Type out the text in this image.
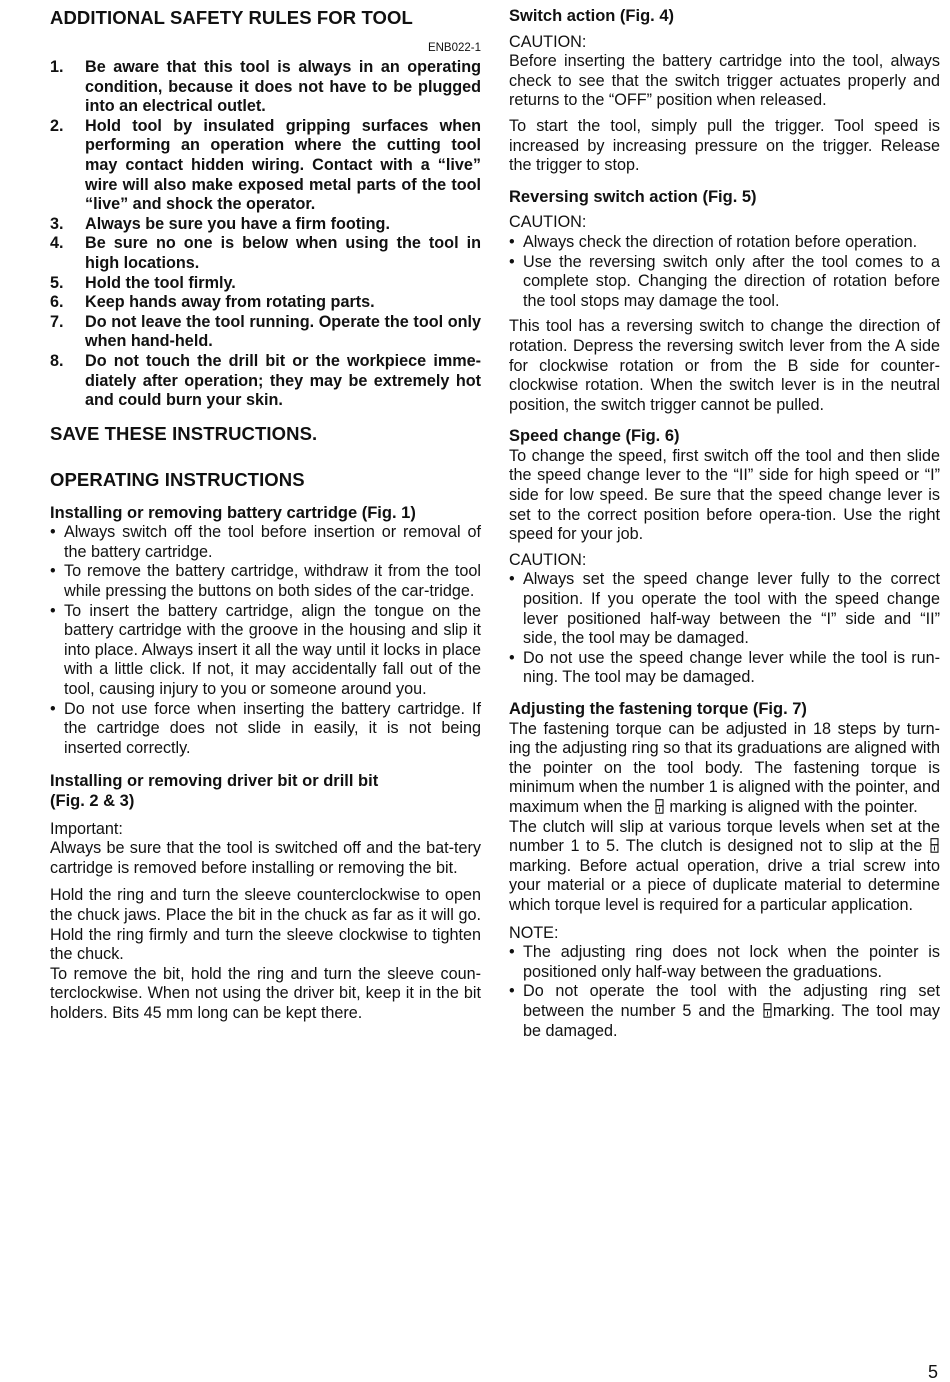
ADDITIONAL SAFETY RULES FOR TOOL
ENB022-1
1. Be aware that this tool is always in an operating condition, because it does not have to be plugged into an electrical outlet.
2. Hold tool by insulated gripping surfaces when performing an operation where the cutting tool may contact hidden wiring. Contact with a “live” wire will also make exposed metal parts of the tool “live” and shock the operator.
3. Always be sure you have a firm footing.
4. Be sure no one is below when using the tool in high locations.
5. Hold the tool firmly.
6. Keep hands away from rotating parts.
7. Do not leave the tool running. Operate the tool only when hand-held.
8. Do not touch the drill bit or the workpiece imme-diately after operation; they may be extremely hot and could burn your skin.
SAVE THESE INSTRUCTIONS.
OPERATING INSTRUCTIONS
Installing or removing battery cartridge (Fig. 1)
• Always switch off the tool before insertion or removal of the battery cartridge.
• To remove the battery cartridge, withdraw it from the tool while pressing the buttons on both sides of the car-tridge.
• To insert the battery cartridge, align the tongue on the battery cartridge with the groove in the housing and slip it into place. Always insert it all the way until it locks in place with a little click. If not, it may accidentally fall out of the tool, causing injury to you or someone around you.
• Do not use force when inserting the battery cartridge. If the cartridge does not slide in easily, it is not being inserted correctly.
Installing or removing driver bit or drill bit
(Fig. 2 & 3)

Important:

Always be sure that the tool is switched off and the bat-tery cartridge is removed before installing or removing the bit.

Hold the ring and turn the sleeve counterclockwise to open the chuck jaws. Place the bit in the chuck as far as it will go. Hold the ring firmly and turn the sleeve clockwise to tighten the chuck.

To remove the bit, hold the ring and turn the sleeve coun-terclockwise. When not using the driver bit, keep it in the bit holders. Bits 45 mm long can be kept there.

Switch action (Fig. 4)

CAUTION:

Before inserting the battery cartridge into the tool, always check to see that the switch trigger actuates properly and returns to the “OFF” position when released.

To start the tool, simply pull the trigger. Tool speed is increased by increasing pressure on the trigger. Release the trigger to stop.

Reversing switch action (Fig. 5)

CAUTION:

• Always check the direction of rotation before operation.
• Use the reversing switch only after the tool comes to a complete stop. Changing the direction of rotation before the tool stops may damage the tool.

This tool has a reversing switch to change the direction of rotation. Depress the reversing switch lever from the A side for clockwise rotation or from the B side for counter-clockwise rotation. When the switch lever is in the neutral position, the switch trigger cannot be pulled.

Speed change (Fig. 6)

To change the speed, first switch off the tool and then slide the speed change lever to the “II” side for high speed or “I” side for low speed. Be sure that the speed change lever is set to the correct position before opera-tion. Use the right speed for your job.

CAUTION:

• Always set the speed change lever fully to the correct position. If you operate the tool with the speed change lever positioned half-way between the “I” side and “II” side, the tool may be damaged.
• Do not use the speed change lever while the tool is run-ning. The tool may be damaged.
Adjusting the fastening torque (Fig. 7)

The fastening torque can be adjusted in 18 steps by turn-ing the adjusting ring so that its graduations are aligned with the pointer on the tool body. The fastening torque is minimum when the number 1 is aligned with the pointer, and maximum when the  marking is aligned with the pointer.

The clutch will slip at various torque levels when set at the number 1 to 5. The clutch is designed not to slip at the marking. Before actual operation, drive a trial screw into your material or a piece of duplicate material to determine which torque level is required for a particular application.

NOTE:

• The adjusting ring does not lock when the pointer is positioned only half-way between the graduations.
• Do not operate the tool with the adjusting ring set between the number 5 and the marking. The tool may be damaged.
5
